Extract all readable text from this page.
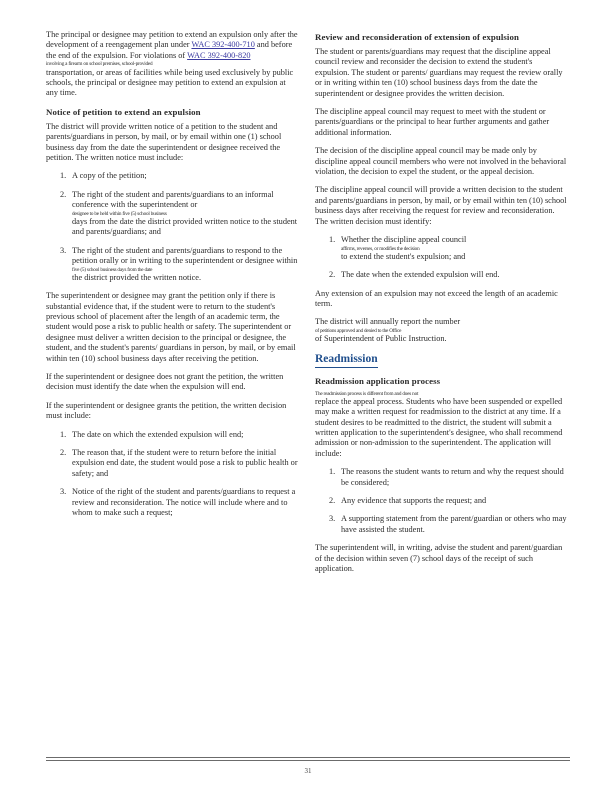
The principal or designee may petition to extend an expulsion only after the development of a reengagement plan under WAC 392-400-710 and before the end of the expulsion. For violations of WAC 392-400-820
involving a firearm on school premises, school-provided
transportation, or areas of facilities while being used exclusively by public schools, the principal or designee may petition to extend an expulsion at any time.

Notice of petition to extend an expulsion

The district will provide written notice of a petition to the student and parents/guardians in person, by mail, or by email within one (1) school business day from the date the superintendent or designee received the petition. The written notice must include:

1. A copy of the petition;
2. The right of the student and parents/guardians to an informal conference with the superintendent or
designee to be held within five (5) school business
days from the date the district provided written notice to the student and parents/guardians; and
3. The right of the student and parents/guardians to respond to the petition orally or in writing to the superintendent or designee within
five (5) school business days from the date
the district provided the written notice.

The superintendent or designee may grant the petition only if there is substantial evidence that, if the student were to return to the student's previous school of placement after the length of an academic term, the student would pose a risk to public health or safety. The superintendent or designee must deliver a written decision to the principal or designee, the student, and the student's parents/ guardians in person, by mail, or by email within ten (10) school business days after receiving the petition.

If the superintendent or designee does not grant the petition, the written decision must identify the date when the expulsion will end.

If the superintendent or designee grants the petition, the written decision must include:

1. The date on which the extended expulsion will end;
2. The reason that, if the student were to return before the initial expulsion end date, the student would pose a risk to public health or safety; and
3. Notice of the right of the student and parents/guardians to request a review and reconsideration. The notice will include where and to whom to make such a request;
Review and reconsideration of extension of expulsion

The student or parents/guardians may request that the discipline appeal council review and reconsider the decision to extend the student's expulsion. The student or parents/ guardians may request the review orally or in writing within ten (10) school business days from the date the superintendent or designee provides the written decision.

The discipline appeal council may request to meet with the student or parents/guardians or the principal to hear further arguments and gather additional information.

The decision of the discipline appeal council may be made only by discipline appeal council members who were not involved in the behavioral violation, the decision to expel the student, or the appeal decision.

The discipline appeal council will provide a written decision to the student and parents/guardians in person, by mail, or by email within ten (10) school business days after receiving the request for review and reconsideration. The written decision must identify:

1. Whether the discipline appeal council
affirms, reverses, or modifies the decision
to extend the student's expulsion; and
2. The date when the extended expulsion will end.

Any extension of an expulsion may not exceed the length of an academic term.

The district will annually report the number
of petitions approved and denied to the Office
of Superintendent of Public Instruction.

Readmission
Readmission application process

The readmission process is different from and does not
replace the appeal process. Students who have been suspended or expelled may make a written request for readmission to the district at any time. If a student desires to be readmitted to the district, the student will submit a written application to the superintendent's designee, who shall recommend admission or non-admission to the superintendent. The application will include:

1. The reasons the student wants to return and why the request should be considered;
2. Any evidence that supports the request; and
3. A supporting statement from the parent/guardian or others who may have assisted the student.

The superintendent will, in writing, advise the student and parent/guardian of the decision within seven (7) school days of the receipt of such application.

31
